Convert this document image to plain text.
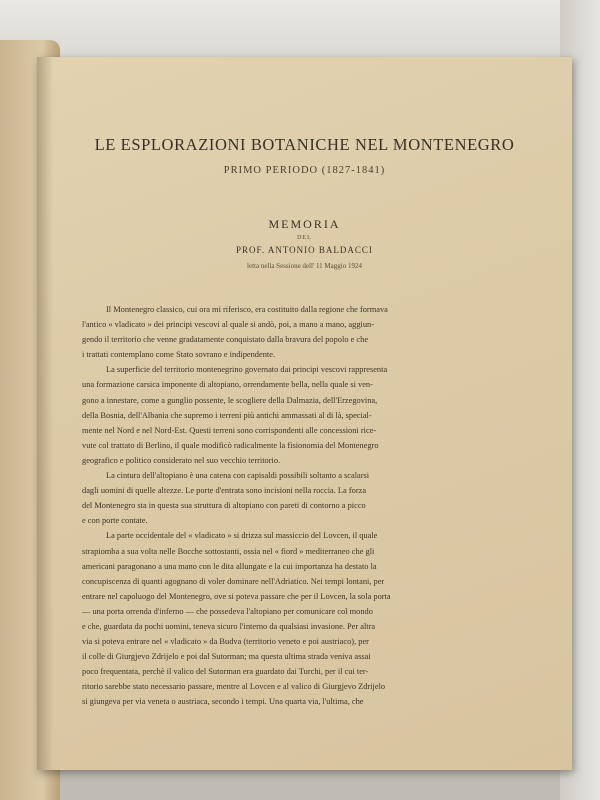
LE ESPLORAZIONI BOTANICHE NEL MONTENEGRO
PRIMO PERIODO (1827-1841)
MEMORIA
DEL
PROF. ANTONIO BALDACCI
letta nella Sessione dell' 11 Maggio 1924
Il Montenegro classico, cui ora mi riferisco, era costituito dalla regione che formava
l'antico « vladicato » dei principi vescovi al quale si andò, poi, a mano a mano, aggiun-
gendo il territorio che venne gradatamente conquistato dalla bravura del popolo e che
i trattati contemplano come Stato sovrano e indipendente.
La superficie del territorio montenegrino governato dai principi vescovi rappresenta
una formazione carsica imponente di altopiano, orrendamente bella, nella quale si ven-
gono a innestare, come a gunglio possente, le scogliere della Dalmazia, dell'Erzegovina,
della Bosnia, dell'Albania che supremo i terreni più antichi ammassati al di là, special-
mente nel Nord e nel Nord-Est. Questi terreni sono corrispondenti alle concessioni rice-
vute col trattato di Berlino, il quale modificò radicalmente la fisionomia del Montenegro
geografico e politico considerato nel suo vecchio territorio.
La cintura dell'altopiano è una catena con capisaldi possibili soltanto a scalarsi
dagli uomini di quelle altezze. Le porte d'entrata sono incisioni nella roccia. La forza
del Montenegro sta in questa sua struttura di altopiano con pareti di contorno a picco
e con porte contate.
La parte occidentale del « vladicato » si drizza sul massiccio del Lovcen, il quale
strapiomba a sua volta nelle Bocche sottostanti, ossia nel « fiord » mediterraneo che gli
americani paragonano a una mano con le dita allungate e la cui importanza ha destato la
concupiscenza di quanti agognano di voler dominare nell'Adriatico. Nei tempi lontani, per
entrare nel capoluogo del Montenegro, ove si poteva passare che per il Lovcen, la sola porta
— una porta orrenda d'inferno — che possedeva l'altopiano per comunicare col mondo
e che, guardata da pochi uomini, teneva sicuro l'interno da qualsiasi invasione. Per altra
via si poteva entrare nel « vladicato » da Budva (territorio veneto e poi austriaco), per
il colle di Giurgjevo Zdrijelo e poi dal Sutorman; ma questa ultima strada veniva assai
poco frequentata, perchè il valico del Sutorman era guardato dai Turchi, per il cui ter-
ritorio sarebbe stato necessario passare, mentre al Lovcen e al valico di Giurgjevo Zdrijelo
si giungeva per via veneta o austriaca, secondo i tempi. Una quarta via, l'ultima, che
